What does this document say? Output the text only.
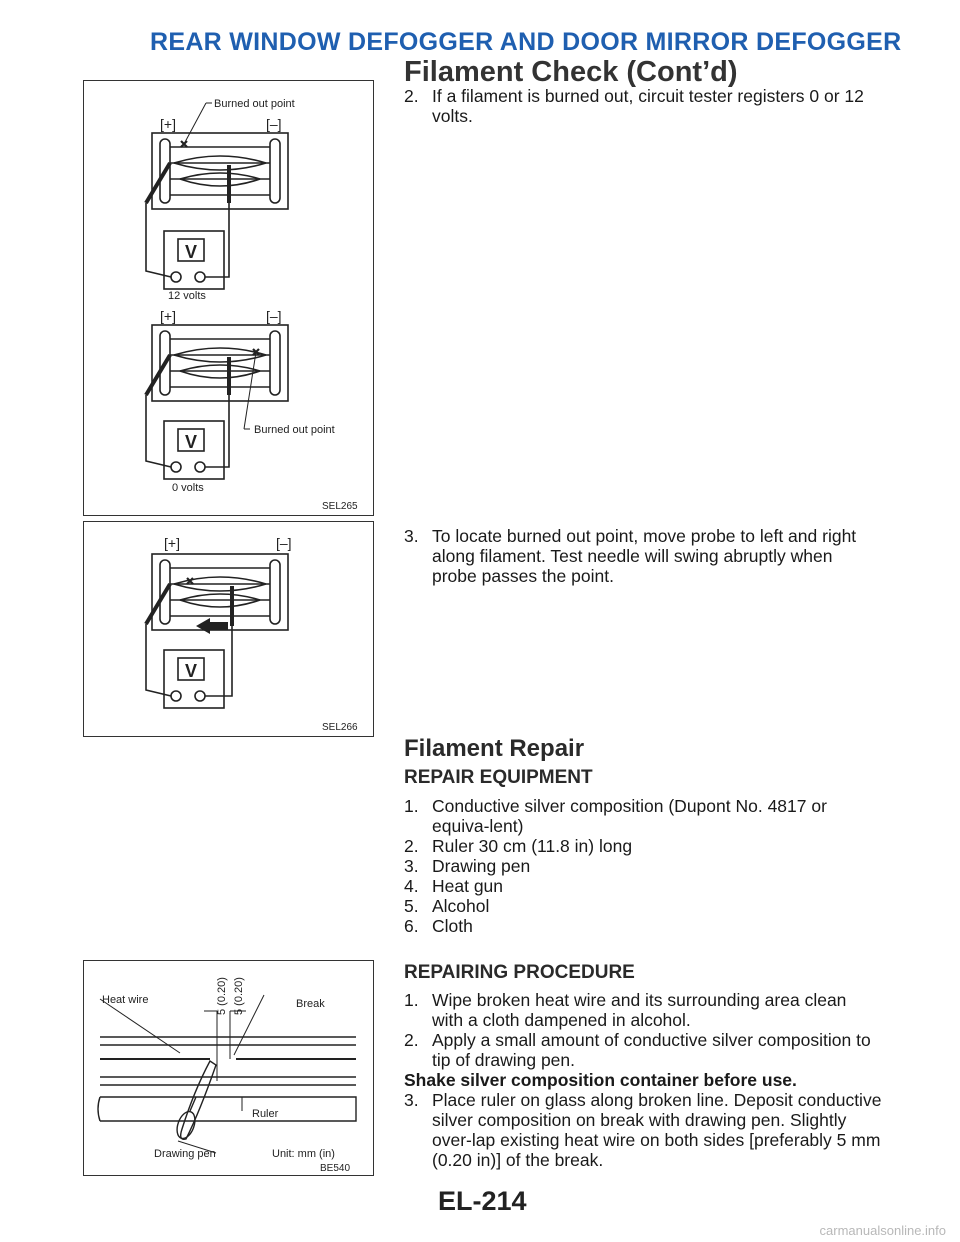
REAR WINDOW DEFOGGER AND DOOR MIRROR DEFOGGER
Filament Check (Cont’d)
Burned out point
[+]	[–]
V
12 volts
[+]	[–]
Burned out point
V
0 volts
SEL265

2. If a filament is burned out, circuit tester registers 0 or 12 volts.

[+]	[–]
V
SEL266

3. To locate burned out point, move probe to left and right along filament. Test needle will swing abruptly when probe passes the point.

Filament Repair
REPAIR EQUIPMENT
1. Conductive silver composition (Dupont No. 4817 or equiva-lent)
2. Ruler 30 cm (11.8 in) long
3. Drawing pen
4. Heat gun
5. Alcohol
6. Cloth
Heat wire	5 (0.20) 5 (0.20)	Break
Ruler
Drawing pen	Unit: mm (in)
BE540
REPAIRING PROCEDURE

1. Wipe broken heat wire and its surrounding area clean with a cloth dampened in alcohol.

2. Apply a small amount of conductive silver composition to tip of drawing pen.

Shake silver composition container before use.

3. Place ruler on glass along broken line. Deposit conductive silver composition on break with drawing pen. Slightly over-lap existing heat wire on both sides [preferably 5 mm (0.20 in)] of the break.

EL-214
carmanualsonline.info
